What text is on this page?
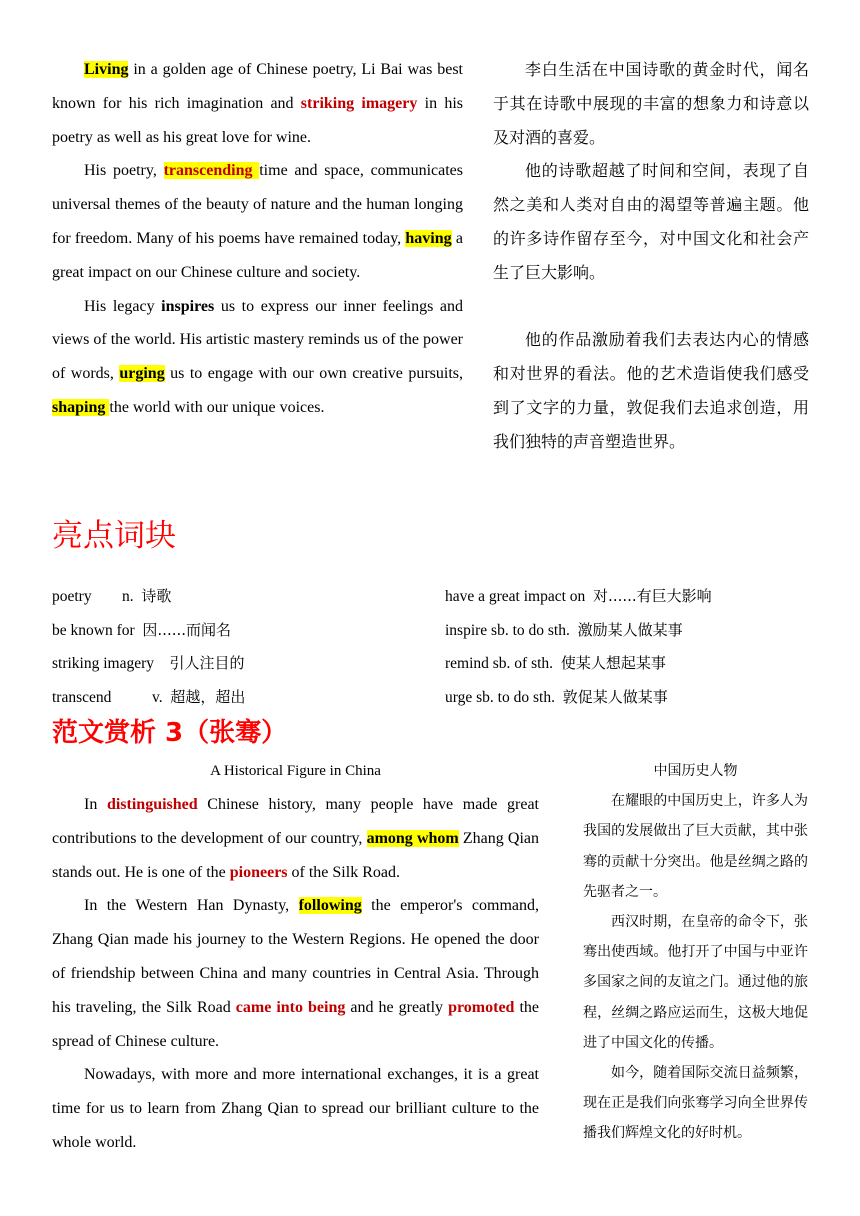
Living in a golden age of Chinese poetry, Li Bai was best known for his rich imagination and striking imagery in his poetry as well as his great love for wine.

His poetry, transcending time and space, communicates universal themes of the beauty of nature and the human longing for freedom. Many of his poems have remained today, having a great impact on our Chinese culture and society.

His legacy inspires us to express our inner feelings and views of the world. His artistic mastery reminds us of the power of words, urging us to engage with our own creative pursuits, shaping the world with our unique voices.

李白生活在中国诗歌的黄金时代，闻名于其在诗歌中展现的丰富的想象力和诗意以及对酒的喜爱。

他的诗歌超越了时间和空间，表现了自然之美和人类对自由的渴望等普遍主题。他的许多诗作留存至今，对中国文化和社会产生了巨大影响。

他的作品激励着我们去表达内心的情感和对世界的看法。他的艺术造诣使我们感受到了文字的力量，敦促我们去追求创造，用我们独特的声音塑造世界。

亮点词块
poetry n. 诗歌
be known for 因......而闻名
striking imagery 引人注目的
transcend	v. 超越，超出
have a great impact on 对......有巨大影响
inspire sb. to do sth. 激励某人做某事
remind sb. of sth. 使某人想起某事
urge sb. to do sth. 敦促某人做某事
范文赏析 3（张骞）

A Historical Figure in China

In distinguished Chinese history, many people have made great contributions to the development of our country, among whom Zhang Qian stands out. He is one of the pioneers of the Silk Road.

In the Western Han Dynasty, following the emperor's command, Zhang Qian made his journey to the Western Regions. He opened the door of friendship between China and many countries in Central Asia. Through his traveling, the Silk Road came into being and he greatly promoted the spread of Chinese culture.

Nowadays, with more and more international exchanges, it is a great time for us to learn from Zhang Qian to spread our brilliant culture to the whole world.

中国历史人物

在耀眼的中国历史上，许多人为我国的发展做出了巨大贡献，其中张骞的贡献十分突出。他是丝绸之路的先驱者之一。

西汉时期，在皇帝的命令下，张骞出使西域。他打开了中国与中亚许多国家之间的友谊之门。通过他的旅程，丝绸之路应运而生，这极大地促进了中国文化的传播。

如今，随着国际交流日益频繁，现在正是我们向张骞学习向全世界传播我们辉煌文化的好时机。
